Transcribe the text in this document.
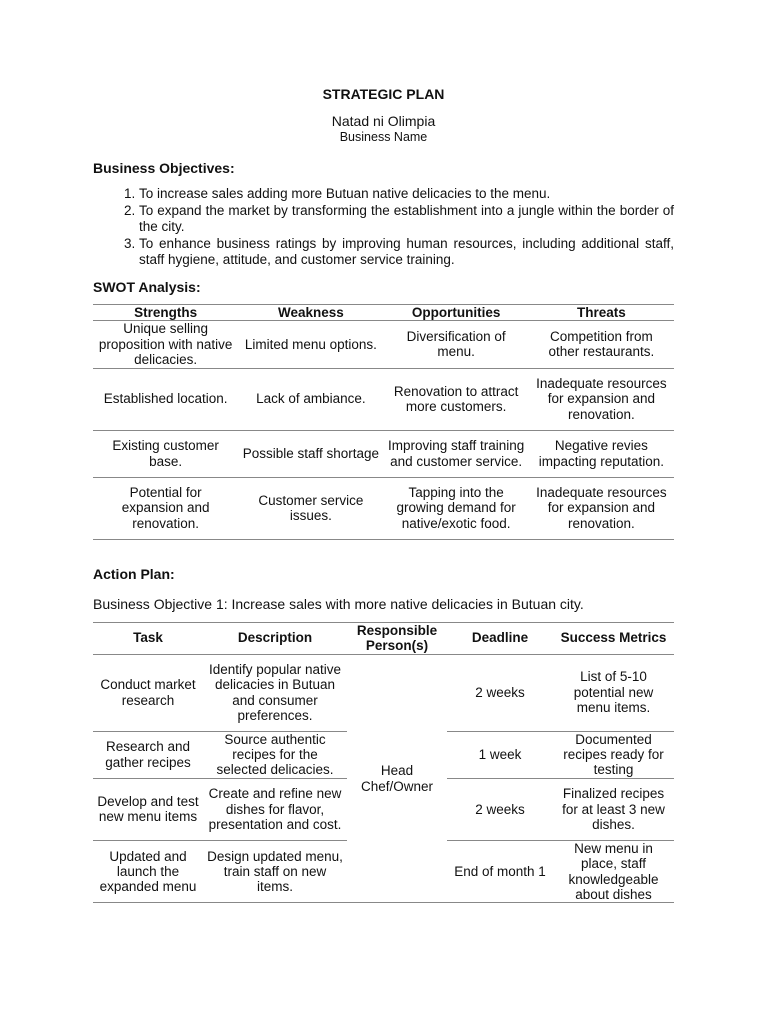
STRATEGIC PLAN
Natad ni Olimpia
Business Name
Business Objectives:
1. To increase sales adding more Butuan native delicacies to the menu.
2. To expand the market by transforming the establishment into a jungle within the border of the city.
3. To enhance business ratings by improving human resources, including additional staff, staff hygiene, attitude, and customer service training.
SWOT Analysis:
Strengths	Weakness	Opportunities	Threats
Unique selling proposition with native delicacies.	Limited menu options.	Diversification of menu.	Competition from other restaurants.
Established location.	Lack of ambiance.	Renovation to attract more customers.	Inadequate resources for expansion and renovation.
Existing customer base.	Possible staff shortage	Improving staff training and customer service.	Negative revies impacting reputation.
Potential for expansion and renovation.	Customer service issues.	Tapping into the growing demand for native/exotic food.	Inadequate resources for expansion and renovation.
Action Plan:
Business Objective 1: Increase sales with more native delicacies in Butuan city.
Task	Description	Responsible Person(s)	Deadline	Success Metrics
Conduct market research	Identify popular native delicacies in Butuan and consumer preferences.	Head Chef/Owner	2 weeks	List of 5-10 potential new menu items.
Research and gather recipes	Source authentic recipes for the selected delicacies.		1 week	Documented recipes ready for testing
Develop and test new menu items	Create and refine new dishes for flavor, presentation and cost.		2 weeks	Finalized recipes for at least 3 new dishes.
Updated and launch the expanded menu	Design updated menu, train staff on new items.		End of month 1	New menu in place, staff knowledgeable about dishes
